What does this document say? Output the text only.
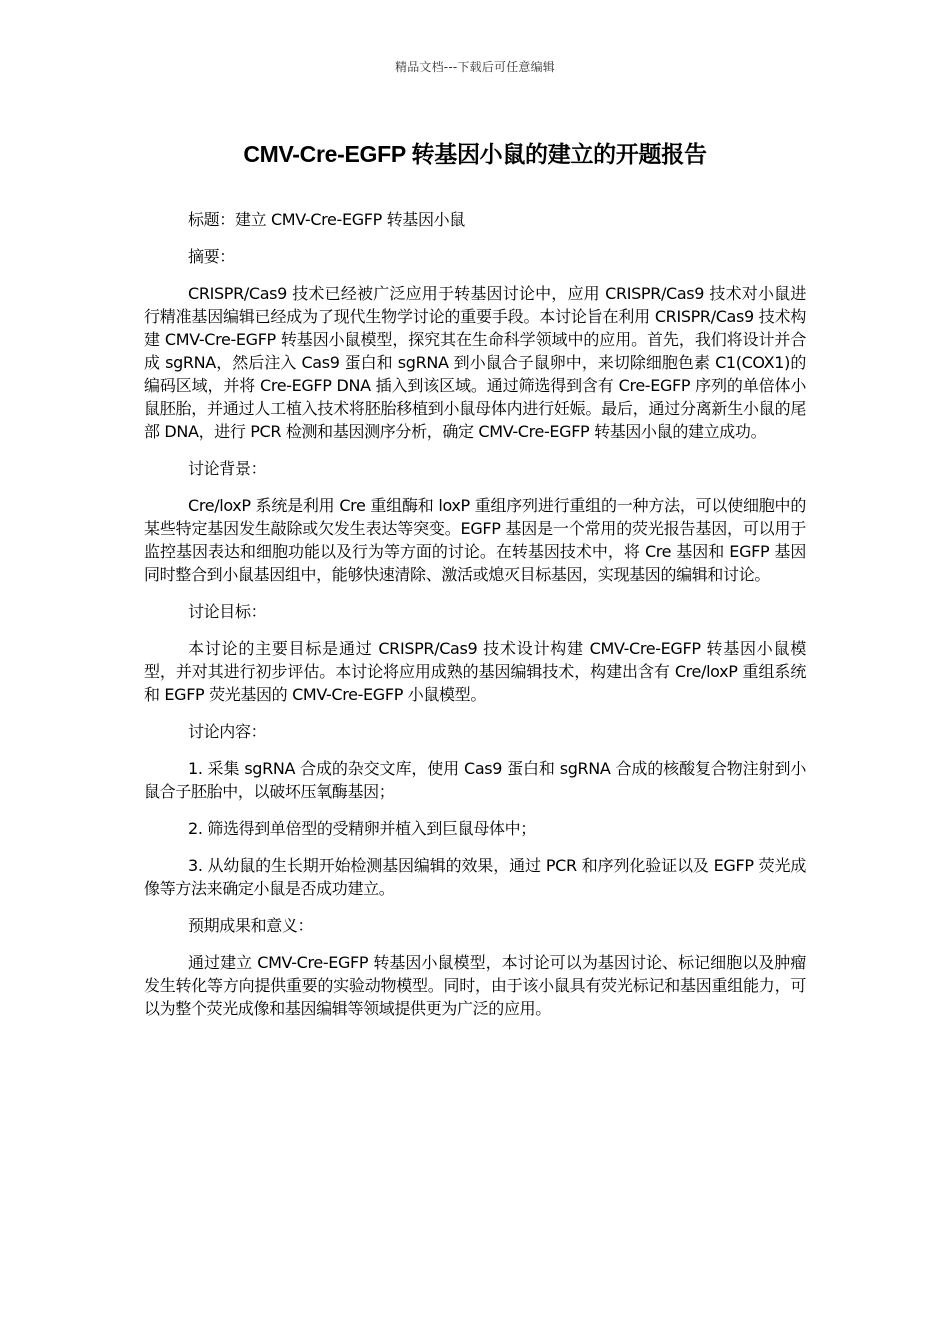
精品文档---下载后可任意编辑
CMV-Cre-EGFP 转基因小鼠的建立的开题报告

标题：建立 CMV-Cre-EGFP 转基因小鼠

摘要：

CRISPR/Cas9 技术已经被广泛应用于转基因讨论中，应用 CRISPR/Cas9 技术对小鼠进行精准基因编辑已经成为了现代生物学讨论的重要手段。本讨论旨在利用 CRISPR/Cas9 技术构建 CMV-Cre-EGFP 转基因小鼠模型，探究其在生命科学领域中的应用。首先，我们将设计并合成 sgRNA，然后注入 Cas9 蛋白和 sgRNA 到小鼠合子鼠卵中，来切除细胞色素 C1(COX1)的编码区域，并将 Cre-EGFP DNA 插入到该区域。通过筛选得到含有 Cre-EGFP 序列的单倍体小鼠胚胎，并通过人工植入技术将胚胎移植到小鼠母体内进行妊娠。最后，通过分离新生小鼠的尾部 DNA，进行 PCR 检测和基因测序分析，确定 CMV-Cre-EGFP 转基因小鼠的建立成功。

讨论背景：

Cre/loxP 系统是利用 Cre 重组酶和 loxP 重组序列进行重组的一种方法，可以使细胞中的某些特定基因发生敲除或欠发生表达等突变。EGFP 基因是一个常用的荧光报告基因，可以用于监控基因表达和细胞功能以及行为等方面的讨论。在转基因技术中，将 Cre 基因和 EGFP 基因同时整合到小鼠基因组中，能够快速清除、激活或熄灭目标基因，实现基因的编辑和讨论。

讨论目标：

本讨论的主要目标是通过 CRISPR/Cas9 技术设计构建 CMV-Cre-EGFP 转基因小鼠模型，并对其进行初步评估。本讨论将应用成熟的基因编辑技术，构建出含有 Cre/loxP 重组系统和 EGFP 荧光基因的 CMV-Cre-EGFP 小鼠模型。

讨论内容：

1. 采集 sgRNA 合成的杂交文库，使用 Cas9 蛋白和 sgRNA 合成的核酸复合物注射到小鼠合子胚胎中，以破坏压氧酶基因；

2. 筛选得到单倍型的受精卵并植入到巨鼠母体中；

3. 从幼鼠的生长期开始检测基因编辑的效果，通过 PCR 和序列化验证以及 EGFP 荧光成像等方法来确定小鼠是否成功建立。

预期成果和意义：

通过建立 CMV-Cre-EGFP 转基因小鼠模型，本讨论可以为基因讨论、标记细胞以及肿瘤发生转化等方向提供重要的实验动物模型。同时，由于该小鼠具有荧光标记和基因重组能力，可以为整个荧光成像和基因编辑等领域提供更为广泛的应用。
